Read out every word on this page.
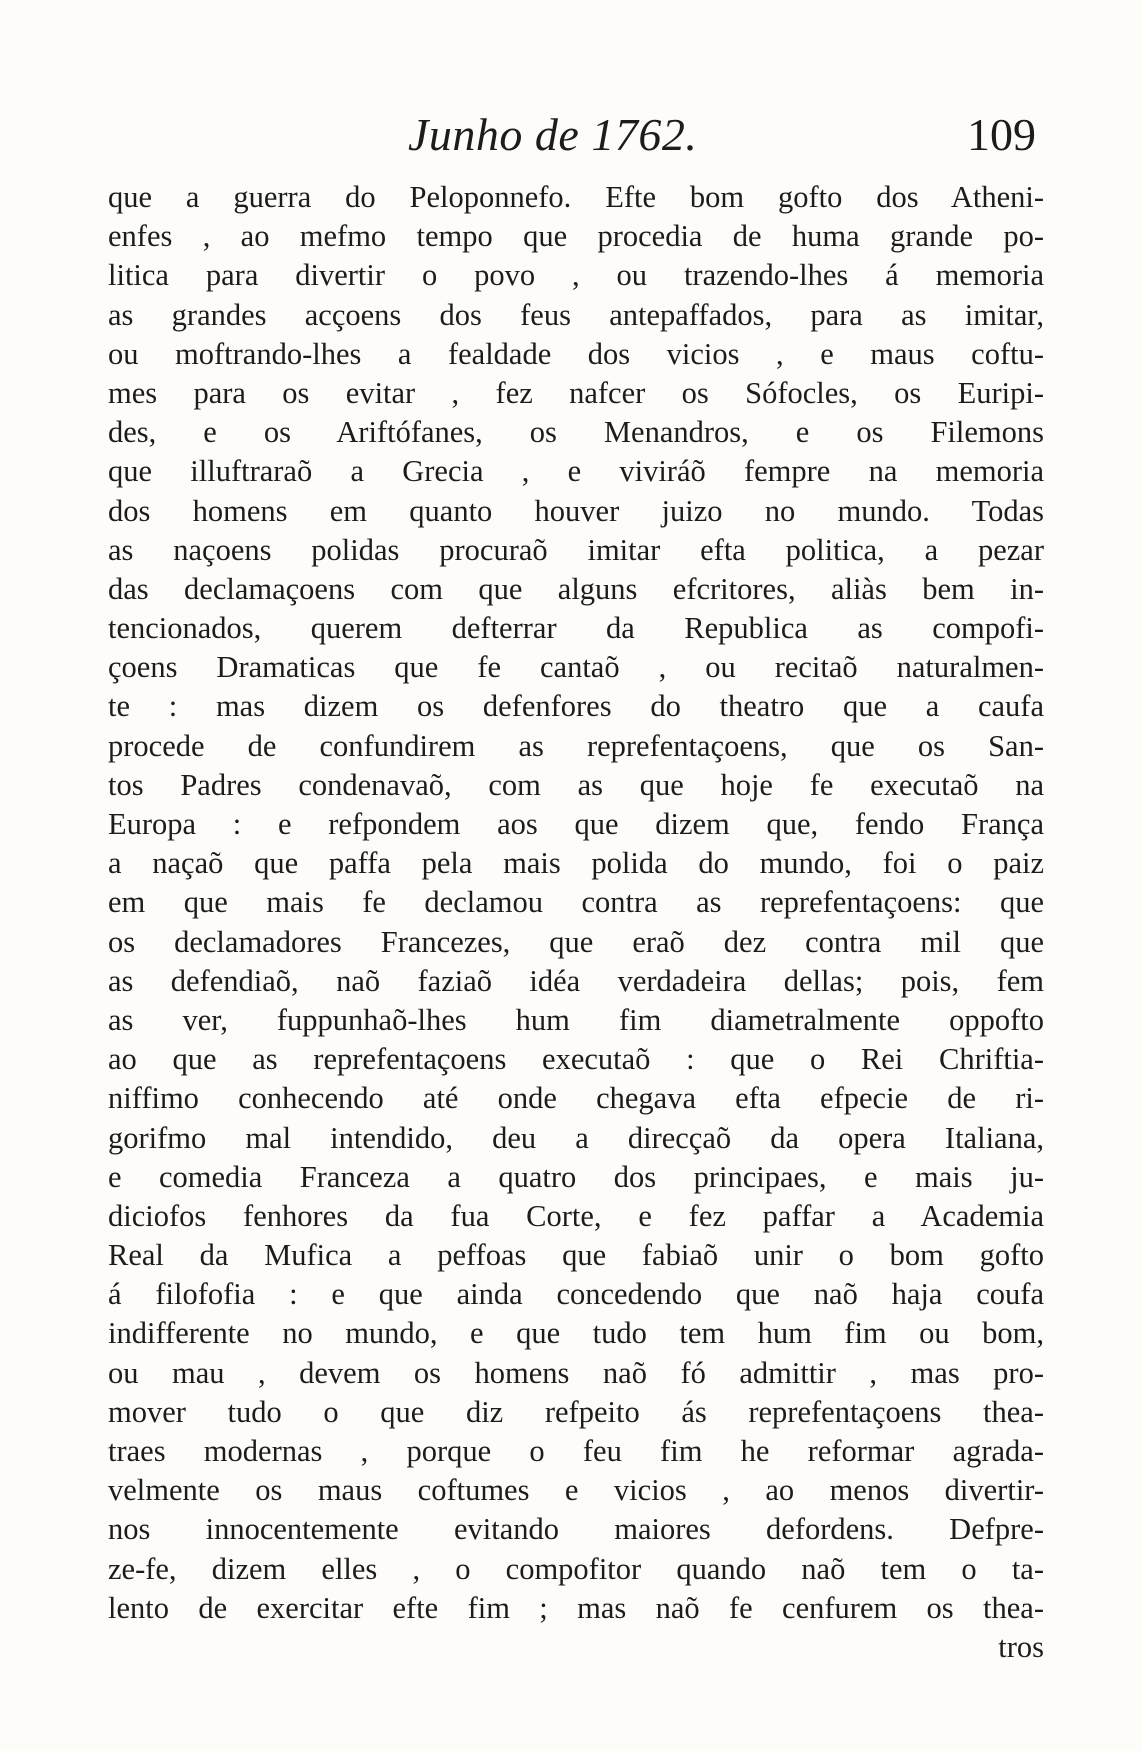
Junho de 1762.	109
que a guerra do Peloponnefo. Efte bom gofto dos Atheni-
enfes , ao mefmo tempo que procedia de huma grande po-
litica para divertir o povo , ou trazendo-lhes á memoria
as grandes acçoens dos feus antepaffados, para as imitar,
ou moftrando-lhes a fealdade dos vicios , e maus coftu-
mes para os evitar , fez nafcer os Sófocles, os Euripi-
des, e os Ariftófanes, os Menandros, e os Filemons
que illuftraraõ a Grecia , e viviráõ fempre na memoria
dos homens em quanto houver juizo no mundo. Todas
as naçoens polidas procuraõ imitar efta politica, a pezar
das declamaçoens com que alguns efcritores, aliàs bem in-
tencionados, querem defterrar da Republica as compofi-
çoens Dramaticas que fe cantaõ , ou recitaõ naturalmen-
te : mas dizem os defenfores do theatro que a caufa
procede de confundirem as reprefentaçoens, que os San-
tos Padres condenavaõ, com as que hoje fe executaõ na
Europa : e refpondem aos que dizem que, fendo França
a naçaõ que paffa pela mais polida do mundo, foi o paiz
em que mais fe declamou contra as reprefentaçoens: que
os declamadores Francezes, que eraõ dez contra mil que
as defendiaõ, naõ faziaõ idéa verdadeira dellas; pois, fem
as ver, fuppunhaõ-lhes hum fim diametralmente oppofto
ao que as reprefentaçoens executaõ : que o Rei Chriftia-
niffimo conhecendo até onde chegava efta efpecie de ri-
gorifmo mal intendido, deu a direcçaõ da opera Italiana,
e comedia Franceza a quatro dos principaes, e mais ju-
diciofos fenhores da fua Corte, e fez paffar a Academia
Real da Mufica a peffoas que fabiaõ unir o bom gofto
á filofofia : e que ainda concedendo que naõ haja coufa
indifferente no mundo, e que tudo tem hum fim ou bom,
ou mau , devem os homens naõ fó admittir , mas pro-
mover tudo o que diz refpeito ás reprefentaçoens thea-
traes modernas , porque o feu fim he reformar agrada-
velmente os maus coftumes e vicios , ao menos divertir-
nos innocentemente evitando maiores defordens. Defpre-
ze-fe, dizem elles , o compofitor quando naõ tem o ta-
lento de exercitar efte fim ; mas naõ fe cenfurem os thea-
tros
